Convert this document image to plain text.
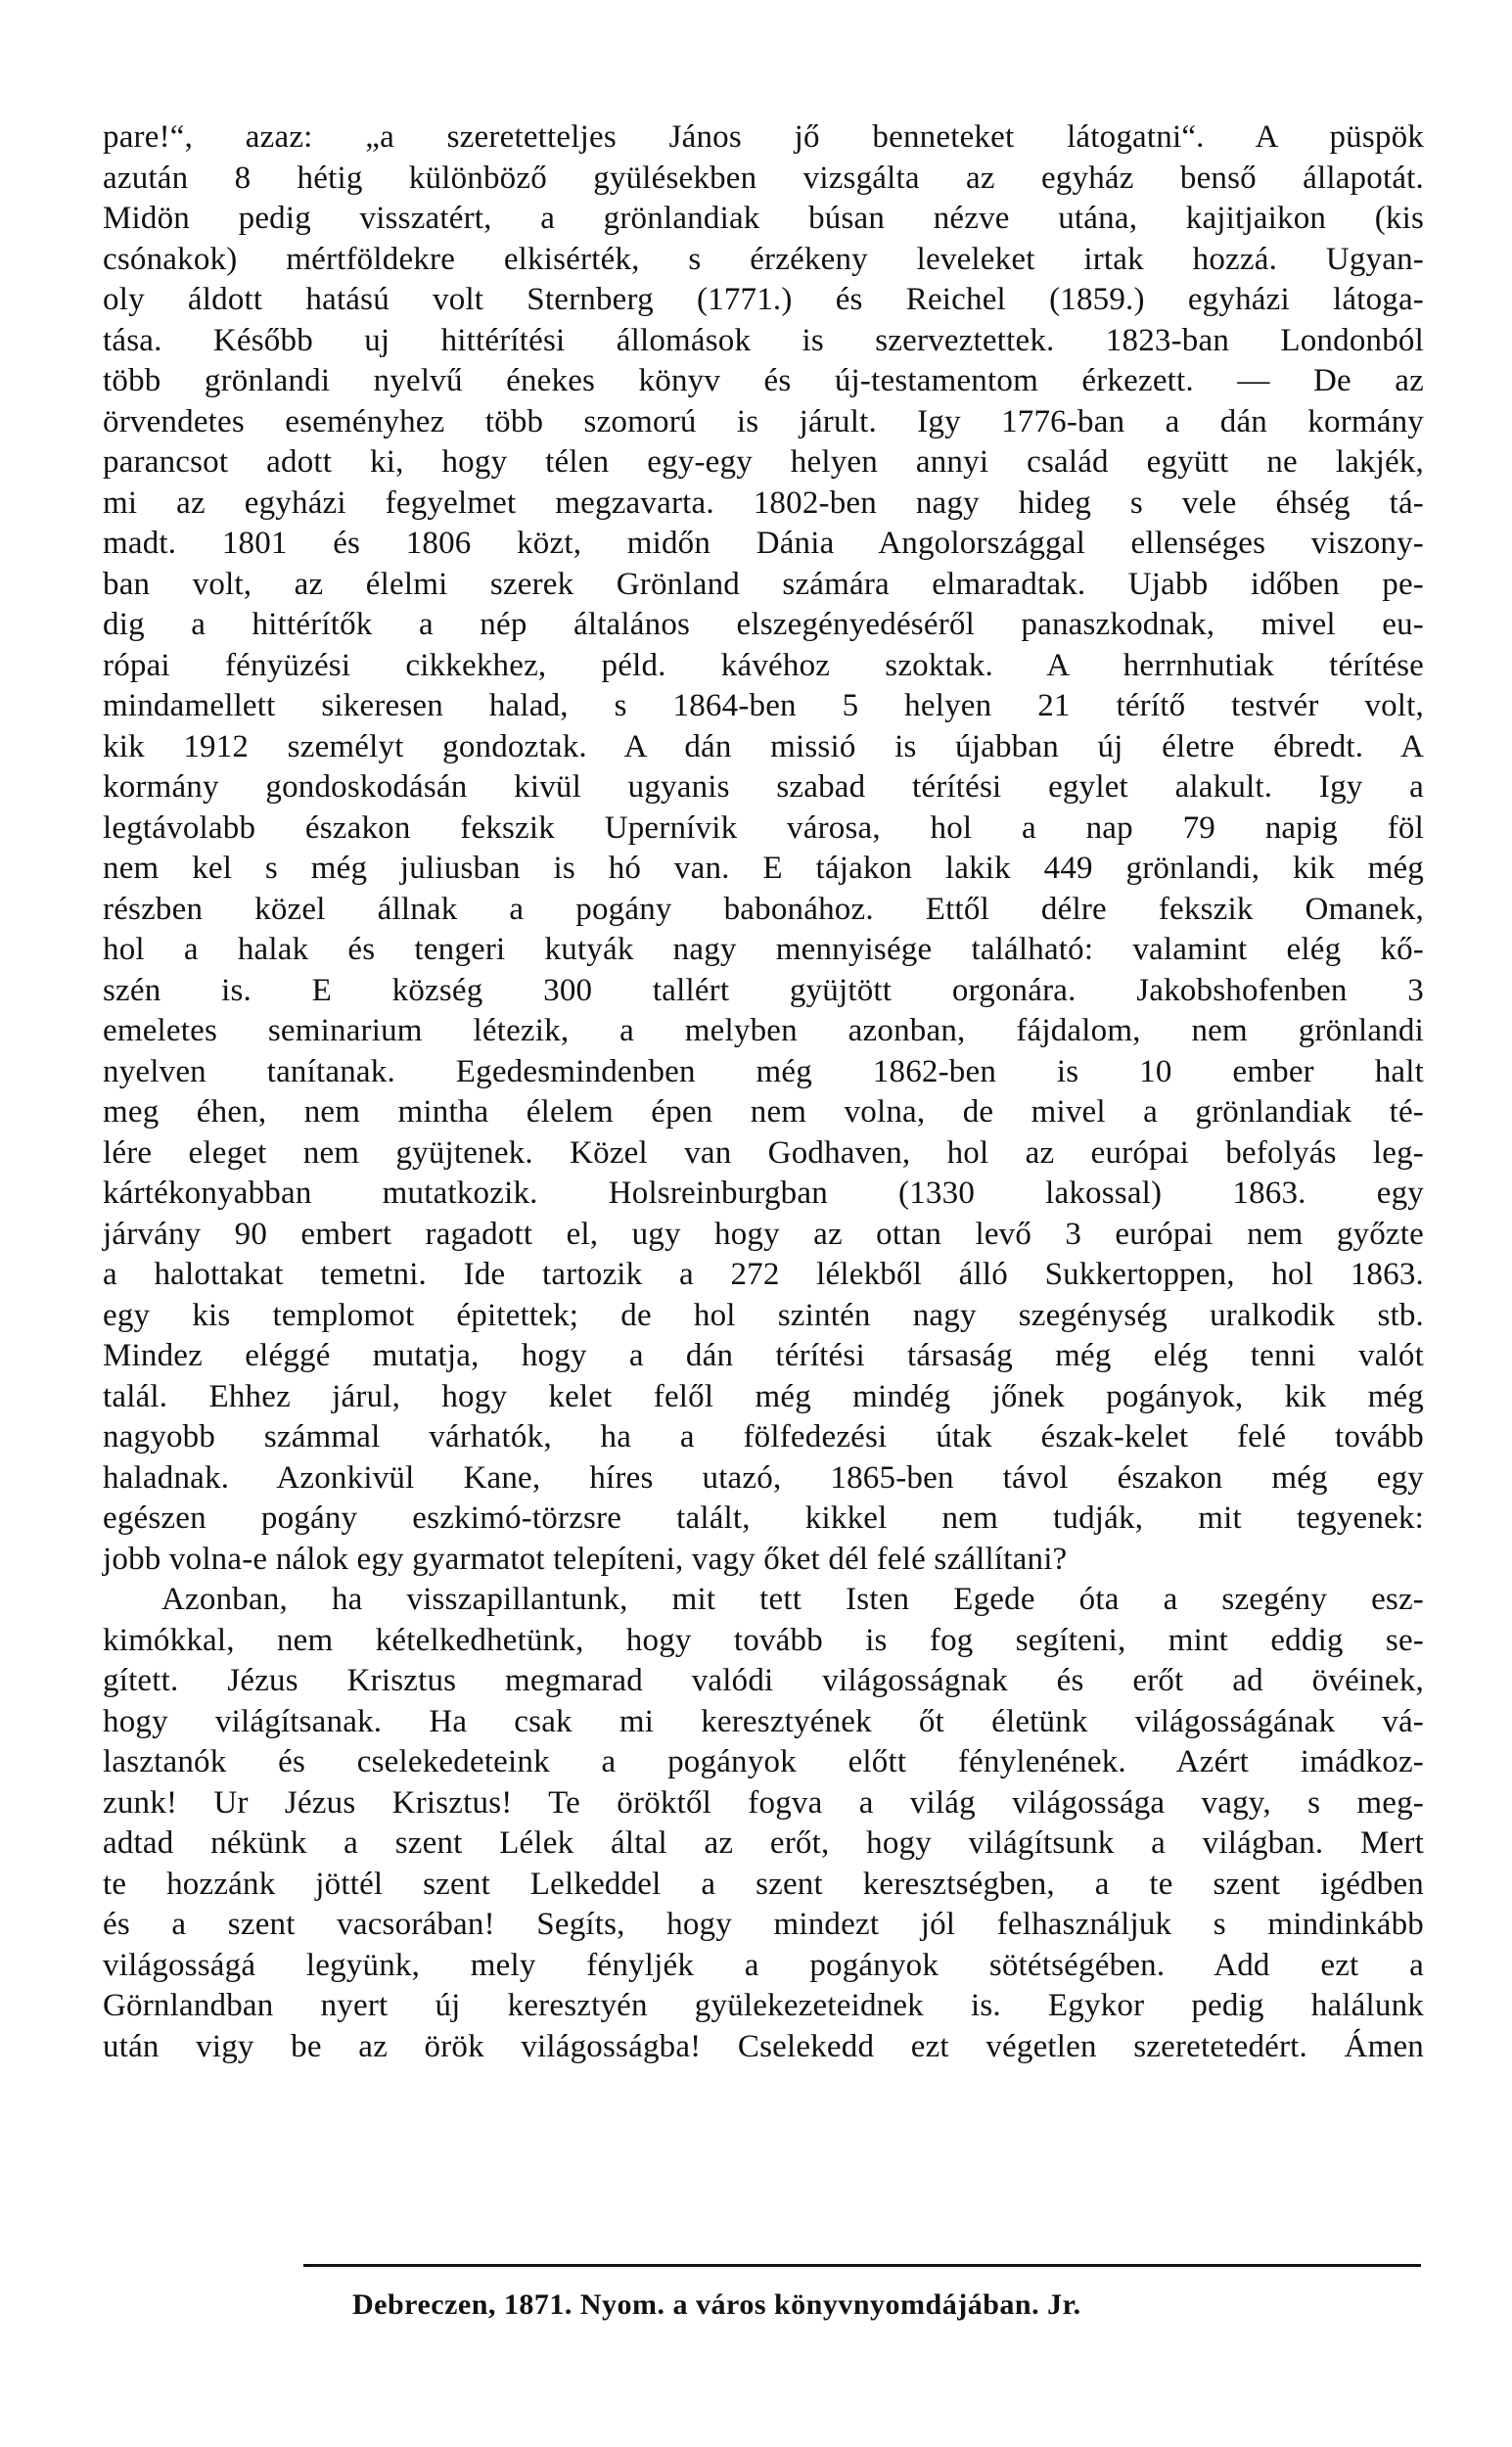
pare!“, azaz: „a szeretetteljes János jő benneteket látogatni“. A püspök
azután 8 hétig különböző gyülésekben vizsgálta az egyház benső állapotát.
Midön pedig visszatért, a grönlandiak búsan nézve utána, kajitjaikon (kis
csónakok) mértföldekre elkisérték, s érzékeny leveleket irtak hozzá. Ugyan-
oly áldott hatású volt Sternberg (1771.) és Reichel (1859.) egyházi látoga-
tása. Később uj hittérítési állomások is szerveztettek. 1823-ban Londonból
több grönlandi nyelvű énekes könyv és új-testamentom érkezett. — De az
örvendetes eseményhez több szomorú is járult. Igy 1776-ban a dán kormány
parancsot adott ki, hogy télen egy-egy helyen annyi család együtt ne lakjék,
mi az egyházi fegyelmet megzavarta. 1802-ben nagy hideg s vele éhség tá-
madt. 1801 és 1806 közt, midőn Dánia Angolországgal ellenséges viszony-
ban volt, az élelmi szerek Grönland számára elmaradtak. Ujabb időben pe-
dig a hittérítők a nép általános elszegényedéséről panaszkodnak, mivel eu-
rópai fényüzési cikkekhez, péld. kávéhoz szoktak. A herrnhutiak térítése
mindamellett sikeresen halad, s 1864-ben 5 helyen 21 térítő testvér volt,
kik 1912 személyt gondoztak. A dán missió is újabban új életre ébredt. A
kormány gondoskodásán kivül ugyanis szabad térítési egylet alakult. Igy a
legtávolabb északon fekszik Upernívik városa, hol a nap 79 napig föl
nem kel s még juliusban is hó van. E tájakon lakik 449 grönlandi, kik még
részben közel állnak a pogány babonához. Ettől délre fekszik Omanek,
hol a halak és tengeri kutyák nagy mennyisége található: valamint elég kő-
szén is. E község 300 tallért gyüjtött orgonára. Jakobshofenben 3
emeletes seminarium létezik, a melyben azonban, fájdalom, nem grönlandi
nyelven tanítanak. Egedesmindenben még 1862-ben is 10 ember halt
meg éhen, nem mintha élelem épen nem volna, de mivel a grönlandiak té-
lére eleget nem gyüjtenek. Közel van Godhaven, hol az európai befolyás leg-
kártékonyabban mutatkozik. Holsreinburgban (1330 lakossal) 1863. egy
járvány 90 embert ragadott el, ugy hogy az ottan levő 3 európai nem győzte
a halottakat temetni. Ide tartozik a 272 lélekből álló Sukkertoppen, hol 1863.
egy kis templomot épitettek; de hol szintén nagy szegénység uralkodik stb.
Mindez eléggé mutatja, hogy a dán térítési társaság még elég tenni valót
talál. Ehhez járul, hogy kelet felől még mindég jőnek pogányok, kik még
nagyobb számmal várhatók, ha a fölfedezési útak észak-kelet felé tovább
haladnak. Azonkivül Kane, híres utazó, 1865-ben távol északon még egy
egészen pogány eszkimó-törzsre talált, kikkel nem tudják, mit tegyenek:
jobb volna-e nálok egy gyarmatot telepíteni, vagy őket dél felé szállítani?
Azonban, ha visszapillantunk, mit tett Isten Egede óta a szegény esz-
kimókkal, nem kételkedhetünk, hogy tovább is fog segíteni, mint eddig se-
gített. Jézus Krisztus megmarad valódi világosságnak és erőt ad övéinek,
hogy világítsanak. Ha csak mi keresztyének őt életünk világosságának vá-
lasztanók és cselekedeteink a pogányok előtt fénylenének. Azért imádkoz-
zunk! Ur Jézus Krisztus! Te öröktől fogva a világ világossága vagy, s meg-
adtad nékünk a szent Lélek által az erőt, hogy világítsunk a világban. Mert
te hozzánk jöttél szent Lelkeddel a szent keresztségben, a te szent igédben
és a szent vacsorában! Segíts, hogy mindezt jól felhasználjuk s mindinkább
világosságá legyünk, mely fényljék a pogányok sötétségében. Add ezt a
Görnlandban nyert új keresztyén gyülekezeteidnek is. Egykor pedig halálunk
után vigy be az örök világosságba! Cselekedd ezt végetlen szeretetedért. Ámen
Debreczen, 1871. Nyom. a város könyvnyomdájában. Jr.
